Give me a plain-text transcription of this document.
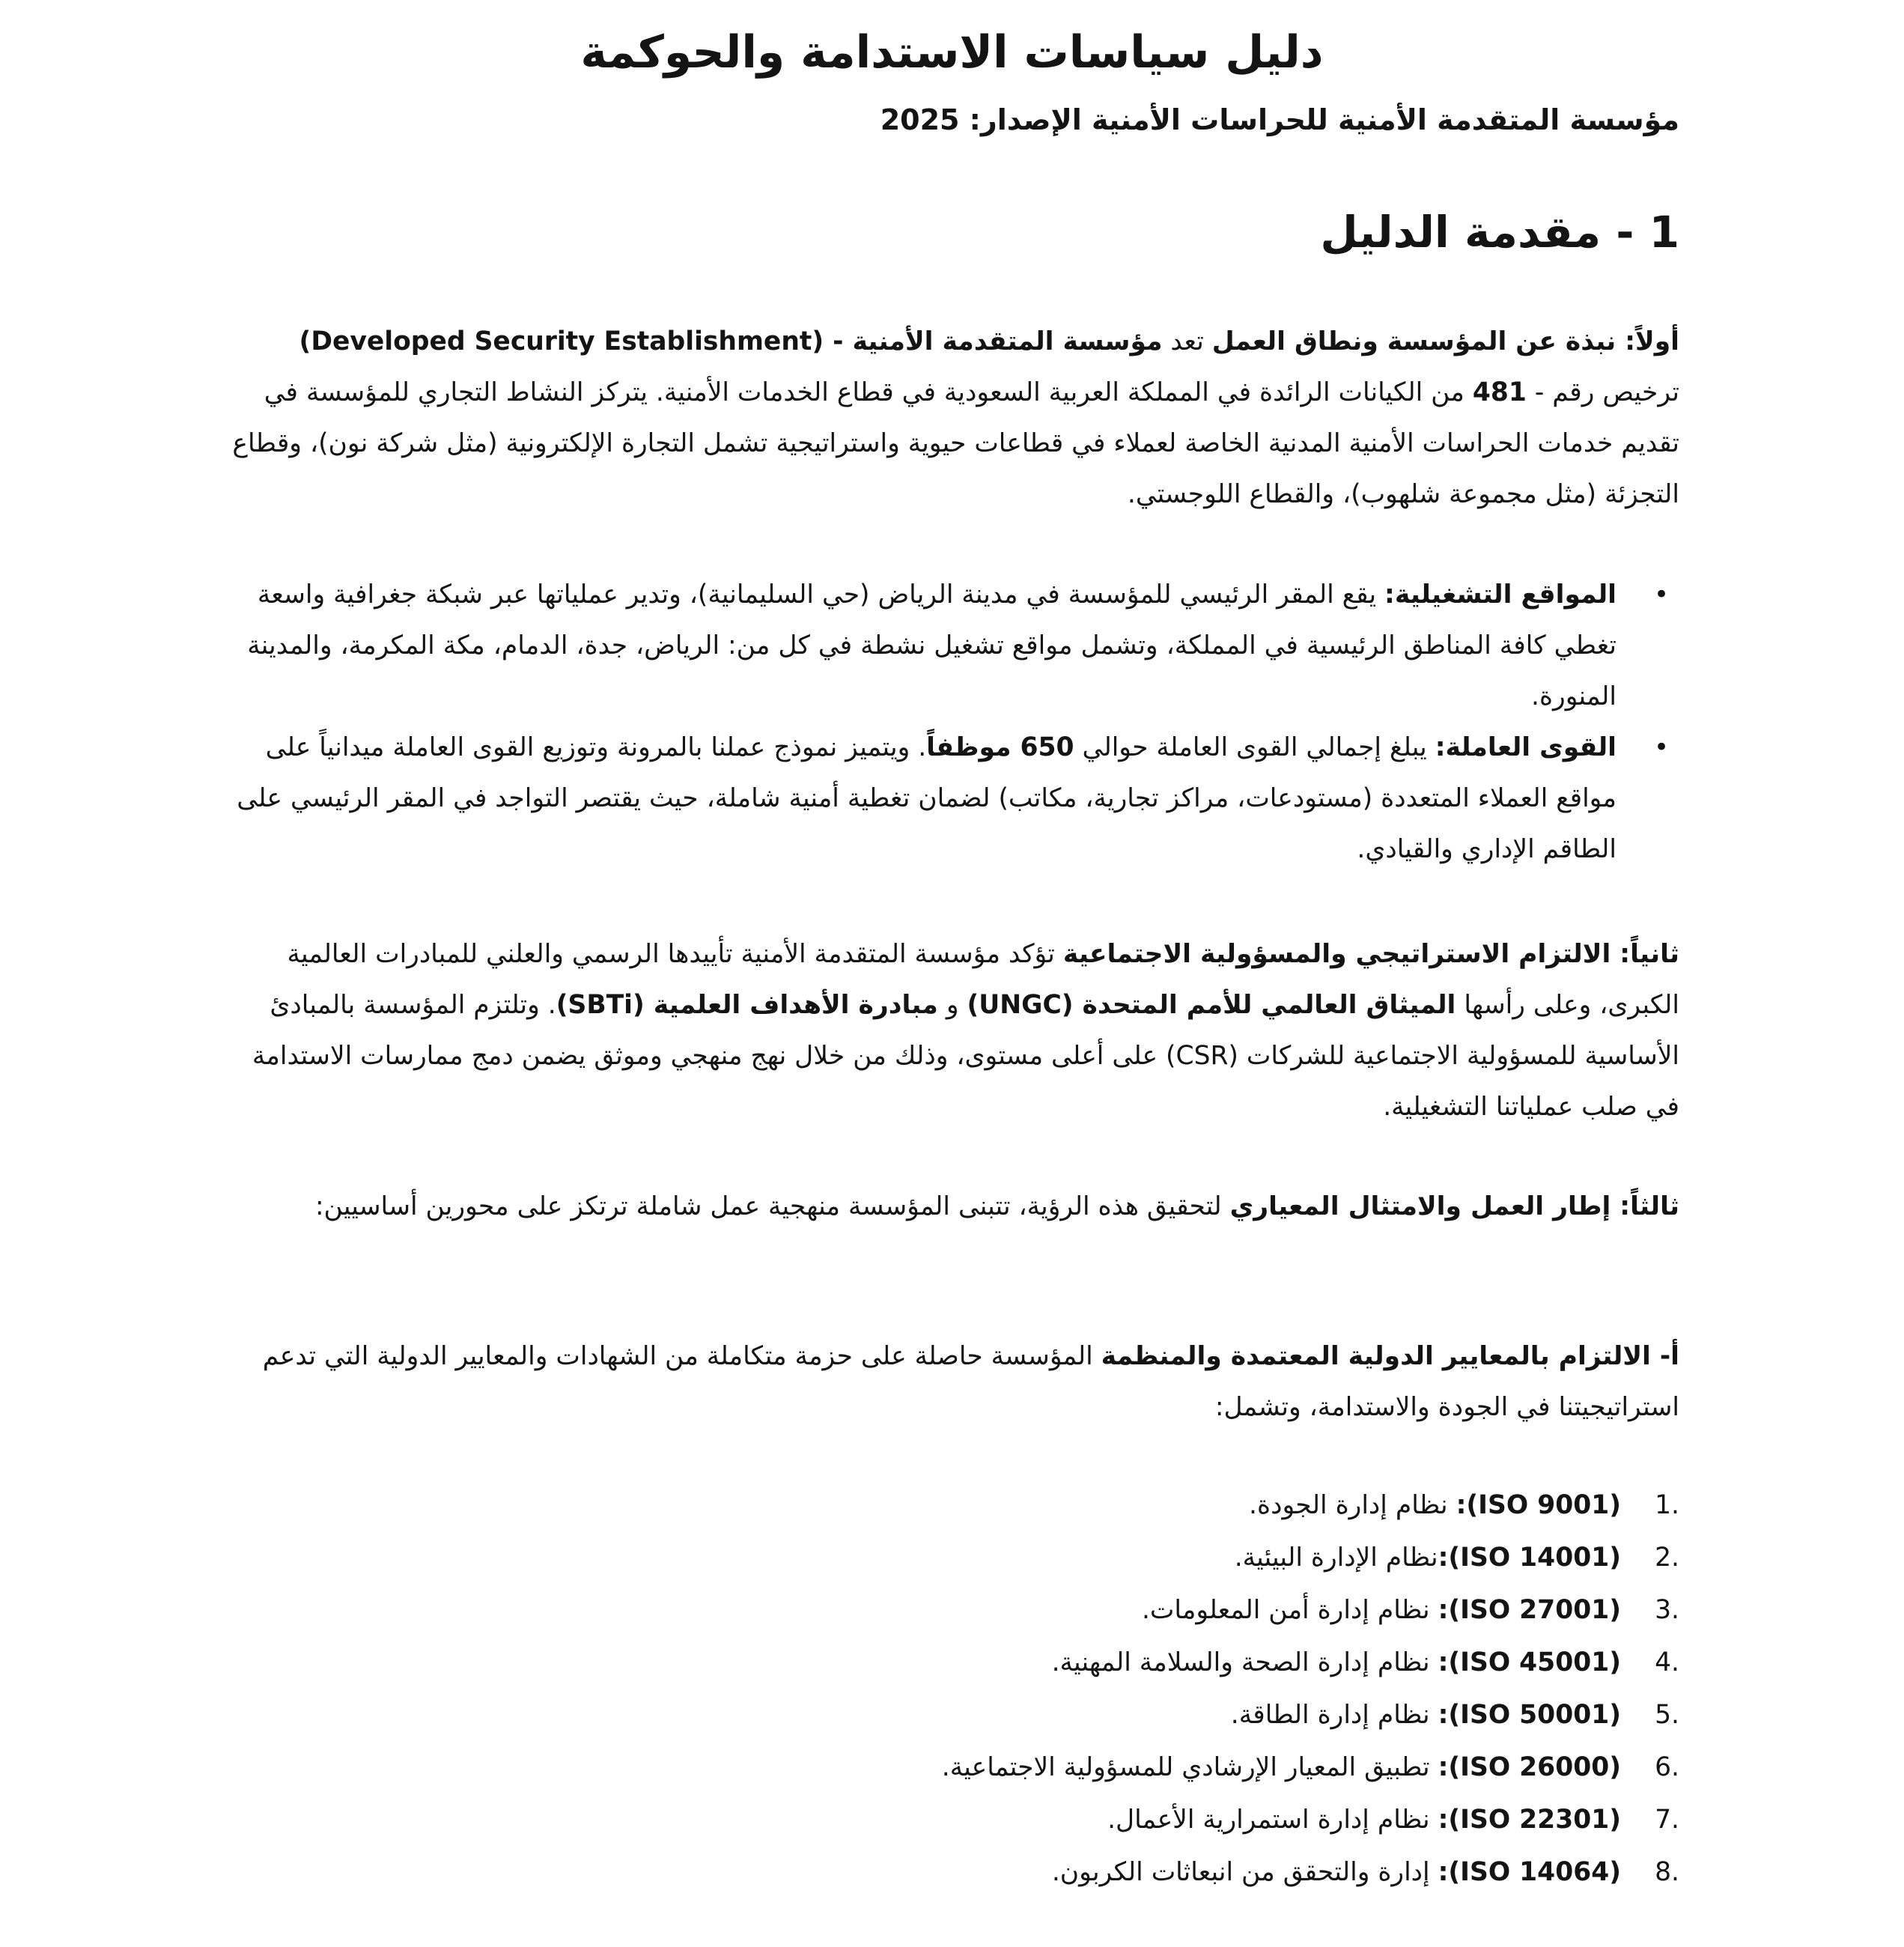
دليل سياسات الاستدامة والحوكمة
مؤسسة المتقدمة الأمنية للحراسات الأمنية الإصدار: 2025
1 - مقدمة الدليل
أولاً: نبذة عن المؤسسة ونطاق العمل تعد مؤسسة المتقدمة الأمنية - (Developed Security Establishment) ترخيص رقم - 481 من الكيانات الرائدة في المملكة العربية السعودية في قطاع الخدمات الأمنية. يتركز النشاط التجاري للمؤسسة في تقديم خدمات الحراسات الأمنية المدنية الخاصة لعملاء في قطاعات حيوية واستراتيجية تشمل التجارة الإلكترونية (مثل شركة نون)، وقطاع التجزئة (مثل مجموعة شلهوب)، والقطاع اللوجستي.
• المواقع التشغيلية: يقع المقر الرئيسي للمؤسسة في مدينة الرياض (حي السليمانية)، وتدير عملياتها عبر شبكة جغرافية واسعة تغطي كافة المناطق الرئيسية في المملكة، وتشمل مواقع تشغيل نشطة في كل من: الرياض، جدة، الدمام، مكة المكرمة، والمدينة المنورة.
• القوى العاملة: يبلغ إجمالي القوى العاملة حوالي 650 موظفاً. ويتميز نموذج عملنا بالمرونة وتوزيع القوى العاملة ميدانياً على مواقع العملاء المتعددة (مستودعات، مراكز تجارية، مكاتب) لضمان تغطية أمنية شاملة، حيث يقتصر التواجد في المقر الرئيسي على الطاقم الإداري والقيادي.
ثانياً: الالتزام الاستراتيجي والمسؤولية الاجتماعية تؤكد مؤسسة المتقدمة الأمنية تأييدها الرسمي والعلني للمبادرات العالمية الكبرى، وعلى رأسها الميثاق العالمي للأمم المتحدة (UNGC) و مبادرة الأهداف العلمية (SBTi). وتلتزم المؤسسة بالمبادئ الأساسية للمسؤولية الاجتماعية للشركات (CSR) على أعلى مستوى، وذلك من خلال نهج منهجي وموثق يضمن دمج ممارسات الاستدامة في صلب عملياتنا التشغيلية.
ثالثاً: إطار العمل والامتثال المعياري لتحقيق هذه الرؤية، تتبنى المؤسسة منهجية عمل شاملة ترتكز على محورين أساسيين:
أ- الالتزام بالمعايير الدولية المعتمدة والمنظمة المؤسسة حاصلة على حزمة متكاملة من الشهادات والمعايير الدولية التي تدعم استراتيجيتنا في الجودة والاستدامة، وتشمل:
1.
(ISO 9001): نظام إدارة الجودة.
2.
(ISO 14001):نظام الإدارة البيئية.
3.
(ISO 27001): نظام إدارة أمن المعلومات.
4.
(ISO 45001): نظام إدارة الصحة والسلامة المهنية.
5.
(ISO 50001): نظام إدارة الطاقة.
6.
(ISO 26000): تطبيق المعيار الإرشادي للمسؤولية الاجتماعية.
7.
(ISO 22301): نظام إدارة استمرارية الأعمال.
8.
(ISO 14064): إدارة والتحقق من انبعاثات الكربون.
